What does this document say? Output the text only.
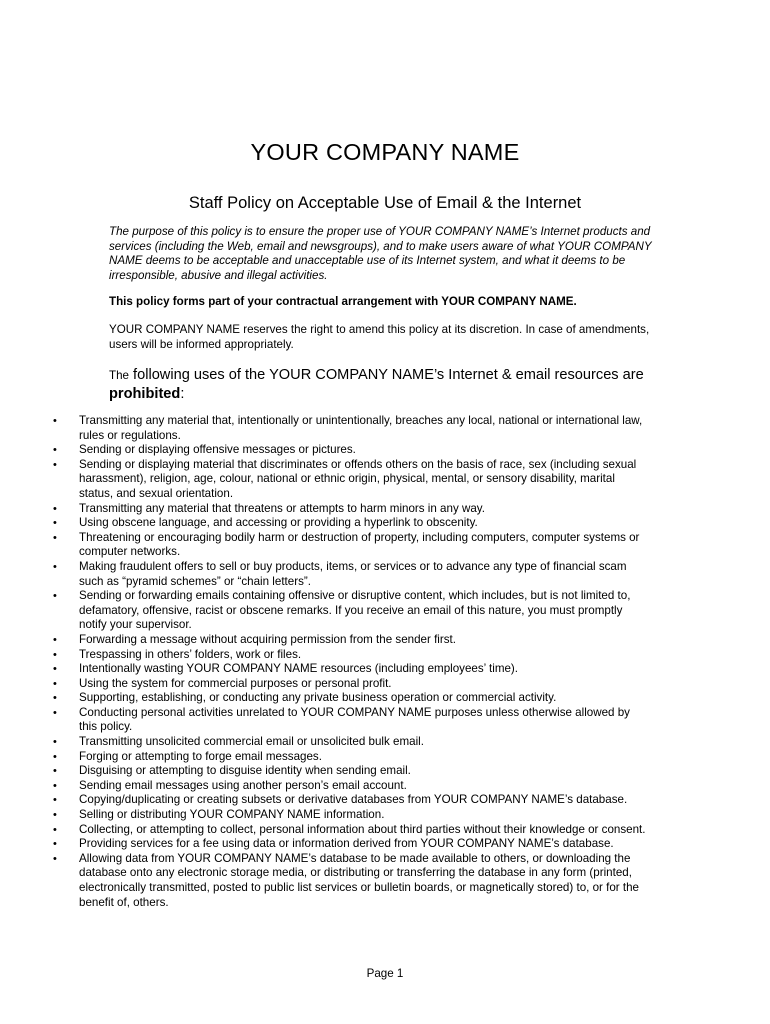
YOUR COMPANY NAME
Staff Policy on Acceptable Use of Email & the Internet

The purpose of this policy is to ensure the proper use of YOUR COMPANY NAME’s Internet products and services (including the Web, email and newsgroups), and to make users aware of what YOUR COMPANY NAME deems to be acceptable and unacceptable use of its Internet system, and what it deems to be irresponsible, abusive and illegal activities.

This policy forms part of your contractual arrangement with YOUR COMPANY NAME.

YOUR COMPANY NAME reserves the right to amend this policy at its discretion. In case of amendments, users will be informed appropriately.

The following uses of the YOUR COMPANY NAME’s Internet & email resources are prohibited:

• Transmitting any material that, intentionally or unintentionally, breaches any local, national or international law, rules or regulations.
• Sending or displaying offensive messages or pictures.
• Sending or displaying material that discriminates or offends others on the basis of race, sex (including sexual harassment), religion, age, colour, national or ethnic origin, physical, mental, or sensory disability, marital status, and sexual orientation.
• Transmitting any material that threatens or attempts to harm minors in any way.
• Using obscene language, and accessing or providing a hyperlink to obscenity.
• Threatening or encouraging bodily harm or destruction of property, including computers, computer systems or computer networks.
• Making fraudulent offers to sell or buy products, items, or services or to advance any type of financial scam such as “pyramid schemes” or “chain letters”.
• Sending or forwarding emails containing offensive or disruptive content, which includes, but is not limited to, defamatory, offensive, racist or obscene remarks. If you receive an email of this nature, you must promptly notify your supervisor.
• Forwarding a message without acquiring permission from the sender first.
• Trespassing in others’ folders, work or files.
• Intentionally wasting YOUR COMPANY NAME resources (including employees’ time).
• Using the system for commercial purposes or personal profit.
• Supporting, establishing, or conducting any private business operation or commercial activity.
• Conducting personal activities unrelated to YOUR COMPANY NAME purposes unless otherwise allowed by this policy.
• Transmitting unsolicited commercial email or unsolicited bulk email.
• Forging or attempting to forge email messages.
• Disguising or attempting to disguise identity when sending email.
• Sending email messages using another person’s email account.
• Copying/duplicating or creating subsets or derivative databases from YOUR COMPANY NAME’s database.
• Selling or distributing YOUR COMPANY NAME information.
• Collecting, or attempting to collect, personal information about third parties without their knowledge or consent.
• Providing services for a fee using data or information derived from YOUR COMPANY NAME’s database.
• Allowing data from YOUR COMPANY NAME’s database to be made available to others, or downloading the database onto any electronic storage media, or distributing or transferring the database in any form (printed, electronically transmitted, posted to public list services or bulletin boards, or magnetically stored) to, or for the benefit of, others.
Page 1
